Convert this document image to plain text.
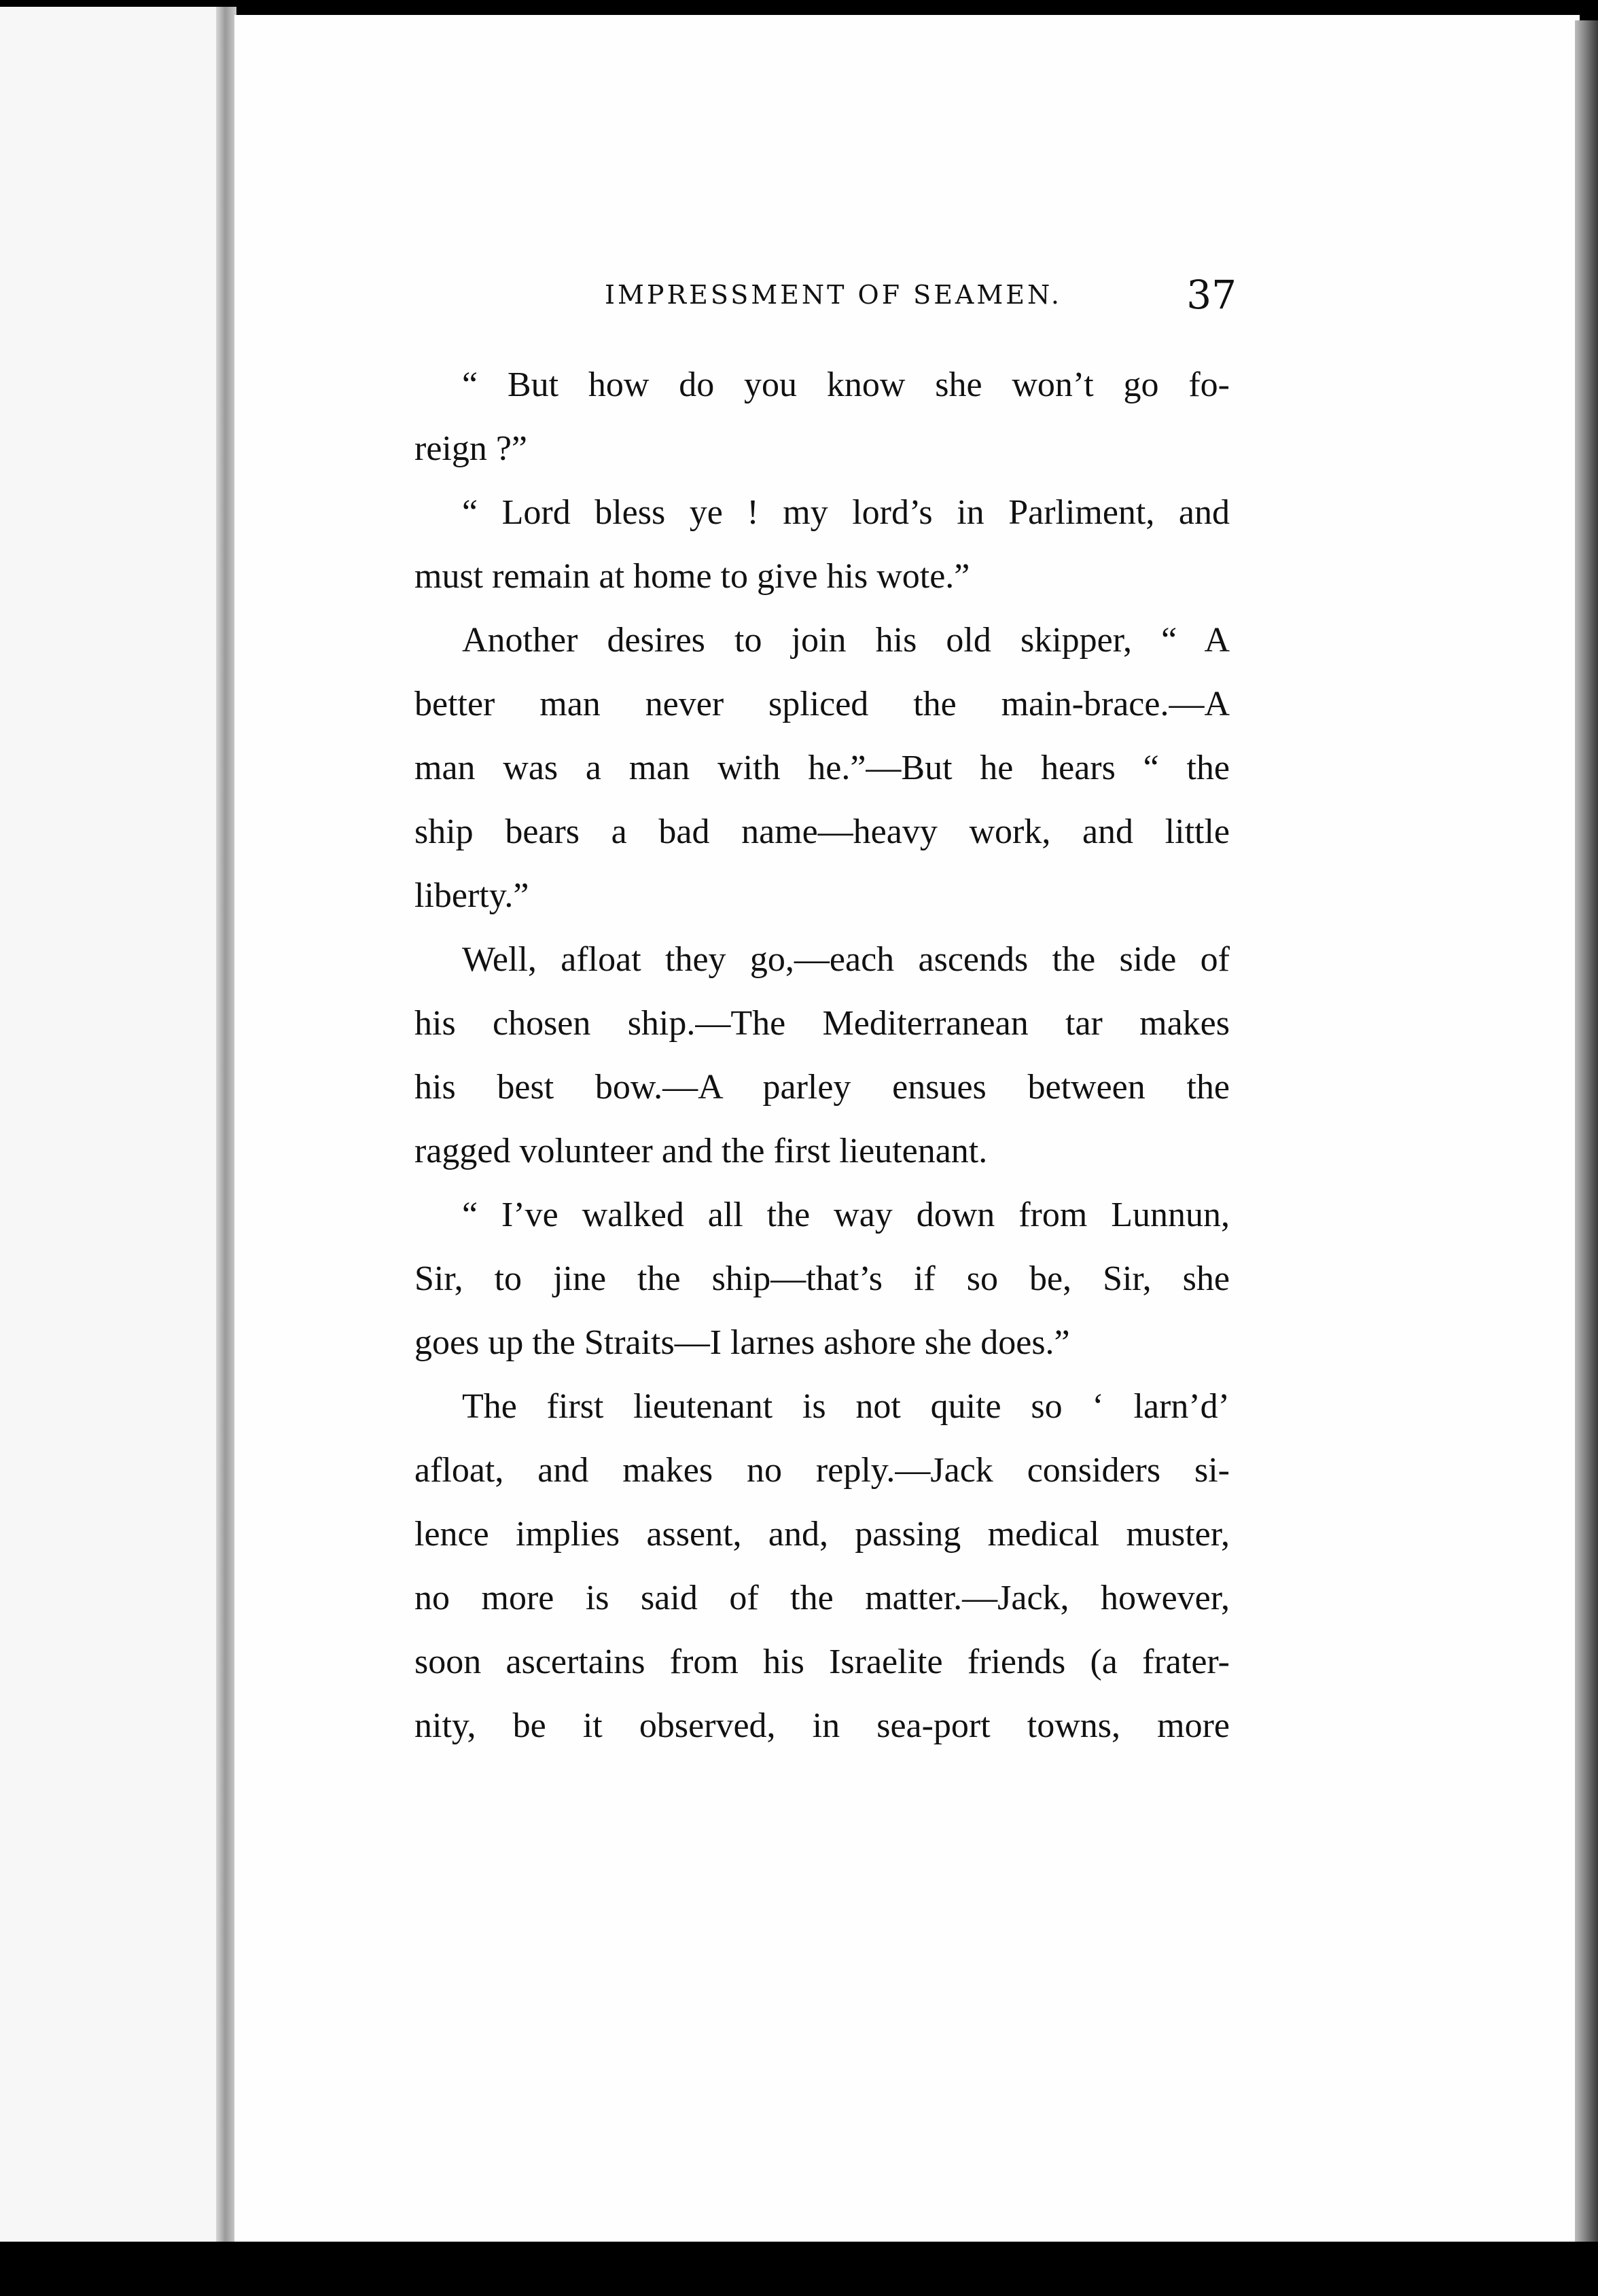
IMPRESSMENT OF SEAMEN.	37
“ But how do you know she won’t go fo-
reign ?”
“ Lord bless ye ! my lord’s in Parliment, and
must remain at home to give his wote.”
Another desires to join his old skipper, “ A
better man never spliced the main-brace.—A
man was a man with he.”—But he hears “ the
ship bears a bad name—heavy work, and little
liberty.”
Well, afloat they go,—each ascends the side of
his chosen ship.—The Mediterranean tar makes
his best bow.—A parley ensues between the
ragged volunteer and the first lieutenant.
“ I’ve walked all the way down from Lunnun,
Sir, to jine the ship—that’s if so be, Sir, she
goes up the Straits—I larnes ashore she does.”
The first lieutenant is not quite so ‘ larn’d’
afloat, and makes no reply.—Jack considers si-
lence implies assent, and, passing medical muster,
no more is said of the matter.—Jack, however,
soon ascertains from his Israelite friends (a frater-
nity, be it observed, in sea-port towns, more
